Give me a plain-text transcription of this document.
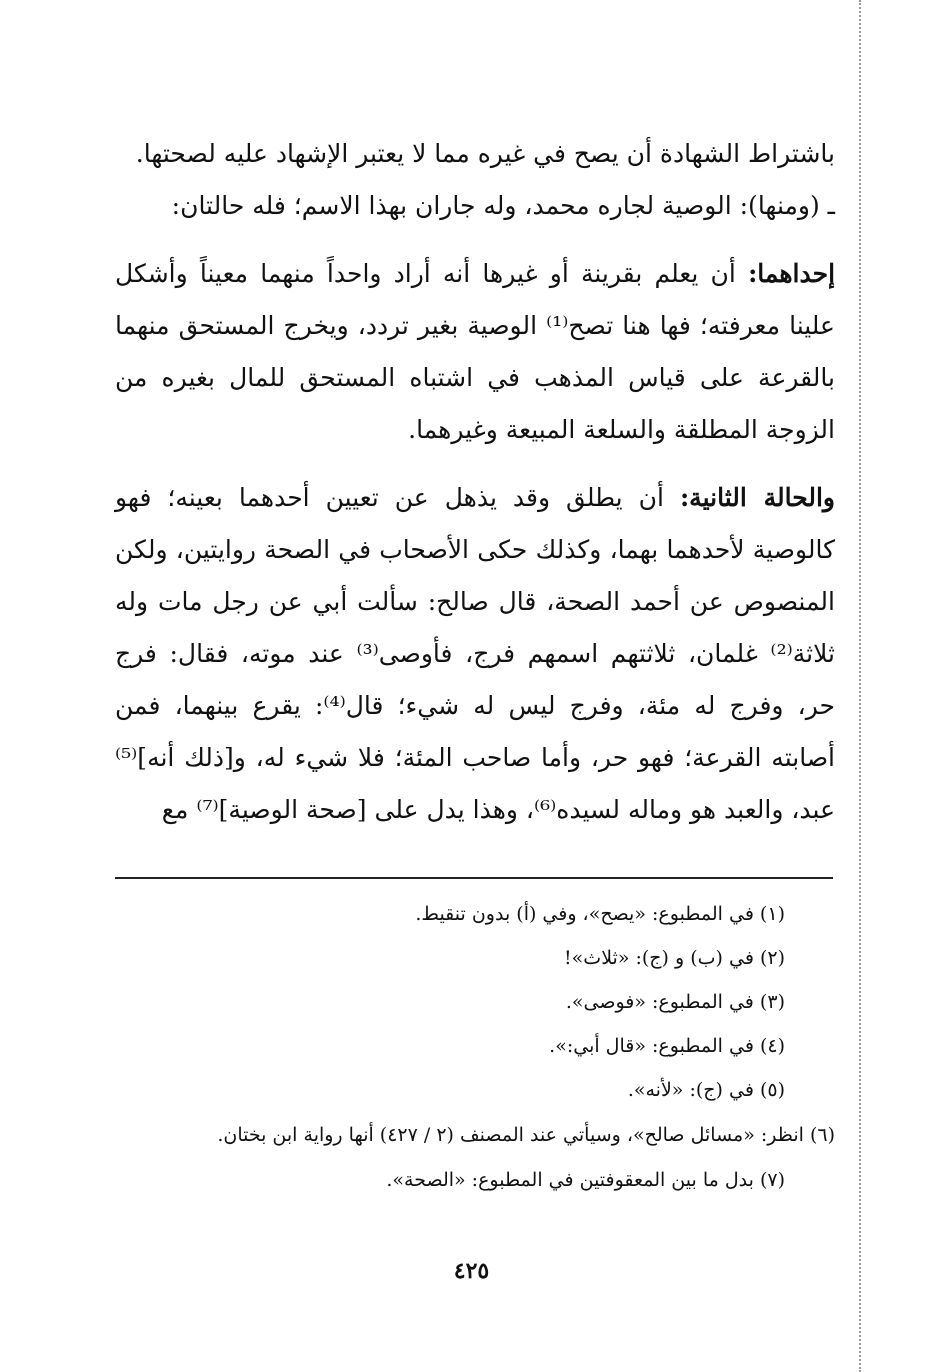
باشتراط الشهادة أن يصح في غيره مما لا يعتبر الإشهاد عليه لصحتها.

ـ (ومنها): الوصية لجاره محمد، وله جاران بهذا الاسم؛ فله حالتان:

إحداهما: أن يعلم بقرينة أو غيرها أنه أراد واحداً منهما معيناً وأشكل علينا معرفته؛ فها هنا تصح⁽¹⁾ الوصية بغير تردد، ويخرج المستحق منهما بالقرعة على قياس المذهب في اشتباه المستحق للمال بغيره من الزوجة المطلقة والسلعة المبيعة وغيرهما.

والحالة الثانية: أن يطلق وقد يذهل عن تعيين أحدهما بعينه؛ فهو كالوصية لأحدهما بهما، وكذلك حكى الأصحاب في الصحة روايتين، ولكن المنصوص عن أحمد الصحة، قال صالح: سألت أبي عن رجل مات وله ثلاثة⁽²⁾ غلمان، ثلاثتهم اسمهم فرج، فأوصى⁽³⁾ عند موته، فقال: فرج حر، وفرج له مئة، وفرج ليس له شيء؛ قال⁽⁴⁾: يقرع بينهما، فمن أصابته القرعة؛ فهو حر، وأما صاحب المئة؛ فلا شيء له، و[ذلك أنه]⁽⁵⁾ عبد، والعبد هو وماله لسيده⁽⁶⁾، وهذا يدل على [صحة الوصية]⁽⁷⁾ مع

(١) في المطبوع: «يصح»، وفي (أ) بدون تنقيط.

(٢) في (ب) و (ج): «ثلاث»!

(٣) في المطبوع: «فوصى».

(٤) في المطبوع: «قال أبي:».

(٥) في (ج): «لأنه».

(٦) انظر: «مسائل صالح»، وسيأتي عند المصنف (٢ / ٤٢٧) أنها رواية ابن بختان.

(٧) بدل ما بين المعقوفتين في المطبوع: «الصحة».

٤٢٥
